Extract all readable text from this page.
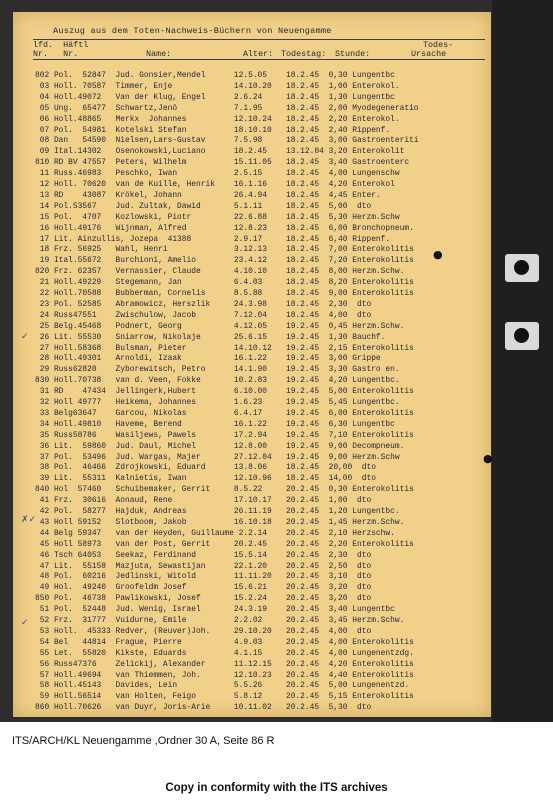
Auszug aus dem Toten-Nachweis-Büchern von Neuengamme
lfd.  Häftl
Nr.   Nr.	Name:	Alter: Todestag: Stunde:
Todes-
Ursache
802 Pol.  52847  Jud. Gonsier,Mendel      12.5.05    18.2.45  0,30 Lungentbc
03 Holl. 70587  Timmer, Enje             14.10.20   18.2.45  1,00 Enterokol.
04 Holl.49072   Van der Klug, Engel      2.6.24     18.2.45  1,30 Lungentbc
05 Ung.  65477  Schwartz,Jenö            7.1.95     18.2.45  2,00 Myodegeneratio
06 Holl.48865   Merkx  Johannes          12.10.24   18.2.45  2,20 Enterokol.
07 Pol.  54981  Kotelski Stefan          18.10.10   18.2.45  2,40 Rippenf.
08 Dan   54590  Nielsen,Lars-Gustav      7.5.98     18.2.45  3,00 Gastroenteriti
09 Ital.14302   Osenokowski,Luciano      18.2.45    13.12.04 3,20 Enterokolit
810 RD BV 47557  Peters, Wilhelm          15.11.05   18.2.45  3,40 Gastroenterc
11 Russ.46983   Peschko, Iwan            2.5.15     18.2.45  4,00 Lungenschw
12 Holl. 70620  van de Kuille, Henrik    16.1.16    18.2.45  4,20 Enterokol
13 RD    43087  Krökel, Johann           26.4.94    18.2.45  4,45 Enter.
14 Pol.53567    Jud. Zultak, Dawid       5.1.11     18.2.45  5,00  dto
15 Pol.  4707   Kozlowski, Piotr         22.6.88    18.2.45  5,30 Herzm.Schw
16 Holl.49176   Wijnman, Alfred          12.8.23    18.2.45  6,00 Bronchopneum.
17 Lit. Ainzullis, Jozepa  41388         2.9.17     18.2.45  6,40 Rippenf.
18 Frz. 56925   Wahl, Henri              3.12.13    18.2.45  7,00 Enterokolitis
19 Ital.55672   Burchioni, Amelio        23.4.12    18.2.45  7,20 Enterokolitis
820 Frz. 62357   Vernassier, Claude       4.10.10    18.2.45  8,00 Herzm.Schw.
21 Holl.49229   Stegemann, Jan           6.4.03     18.2.45  8,20 Enterokolitis
22 Holl.70588   Bubberman, Cornelis      8.5.88     18.2.45  9,00 Enterokolitis
23 Pol. 52585   Abramowicz, Herszlik     24.3.98    18.2.45  2,30  dto
24 Russ47551    Zwischulow, Jacob        7.12.04    18.2.45  4,00  dto
25 Belg.45468   Podnert, Georg           4.12.05    19.2.45  0,45 Herzm.Schw.
26 Lit. 55530   Sniarrow, Nikolaje       25.6.15    19.2.45  1,30 Bauchf.
27 Holl.58368   Bulsman, Pieter          14.10.12   19.2.45  2,15 Enterokolitis
28 Holl.49301   Arnoldi, Izaak           16.1.22    19.2.45  3,00 Grippe
29 Russ62820    Zyborewitsch, Petro      14.1.90    19.2.45  3,30 Gastro en.
830 Holl.70738   van d. Veen, Fokke       10.2.83    19.2.45  4,20 Lungentbc.
31 RD    47434  Jellingerk,Hubert        6.10.00    19.2.45  5,00 Enterokolitis
32 Holl 49777   Heikema, Johannes        1.6.23     19.2.45  5,45 Lungentbc.
33 Belg63647    Garcou, Nikolas          6.4.17     19.2.45  6,00 Enterokolitis
34 Holl.49810   Haveme, Berend           16.1.22    19.2.45  6,30 Lungentbc
35 Russ58786    Wasiljews, Pawels        17.2.94    19.2.45  7,10 Enterokolitis
36 Lit.  59860  Jud. Daul, Michel        12.8.00    19.2.45  9,00 Decompneum.
37 Pol.  53496  Jud. Wargas, Majer       27.12.04   19.2.45  9,00 Herzm.Schw
38 Pol.  46466  Zdrojkowski, Eduard      13.8.06    18.2.45  20,00  dto
39 Lit.  55311  Kalnietis, Iwan          12.10.96   18.2.45  14,00  dto
840 Hol  57460   Schuibemaker, Gerrit     8.5.22     20.2.45  0,30 Enterokolitis
41 Frz.  30616  Aonaud, Rene             17.10.17   20.2.45  1,00  dto
42 Pol.  58277  Hajduk, Andreas          26.11.19   20.2.45  1,20 Lungentbc.
43 Holl 59152   Slotboom, Jakob          16.10.18   20.2.45  1,45 Herzm.Schw.
44 Belg 59347   van der Heyden, Guillaume 2.2.14    20.2.45  2,10 Herzschw.
45 Holl 58973   van der Post, Gerrit     20.2.45    20.2.45  2,20 Enterokolitis
46 Tsch 64053   Seekaz, Ferdinand        15.5.14    20.2.45  2,30  dto
47 Lit.  55158  Mazjuta, Sewastijan      22.1.20    20.2.45  2,50  dto
48 Pol.  60216  Jedlinski, Witold        11.11.20   20.2.45  3,10  dto
49 Hol.  49240  Groofeldm Josef          15.6.21    20.2.45  3,20  dto
850 Pol.  46738  Pawlikowski, Josef       15.2.24    20.2.45  3,20  dto
51 Pol.  52448  Jud. Wenig, Israel       24.3.19    20.2.45  3,40 Lungentbc
52 Frz.  31777  Vuidurne, Emile          2.2.02     20.2.45  3,45 Herzm.Schw.
53 Holl.  45333 Redver, (Reuver)Joh.     29.10.20   20.2.45  4,00  dto
54 Bel   44814  Frague, Pierre           4.9.03     20.2.45  4,00 Enterokolitis
55 Let.  55820  Kikste, Eduards          4.1.15     20.2.45  4,00 Lungenentzdg.
56 Russ47376    Zelickij, Alexander      11.12.15   20.2.45  4,20 Enterokolitis
57 Holl.49694   van Thiemmen, Joh.       12.10.23   20.2.45  4,40 Enterokolitis
58 Holl.45143   Davides, Lein            5.5.26     20.2.45  5,00 Lungenentzd.
59 Holl.56514   van Holten, Feigo        5.8.12     20.2.45  5,15 Enterokolitis
860 Holl.70626   van Duyr, Joris-Arie     10.11.02   20.2.45  5,30  dto
✓
✗✓
✓
●
●
ITS/ARCH/KL Neuengamme ,Ordner 30 A, Seite 86 R
Copy in conformity with the ITS archives
